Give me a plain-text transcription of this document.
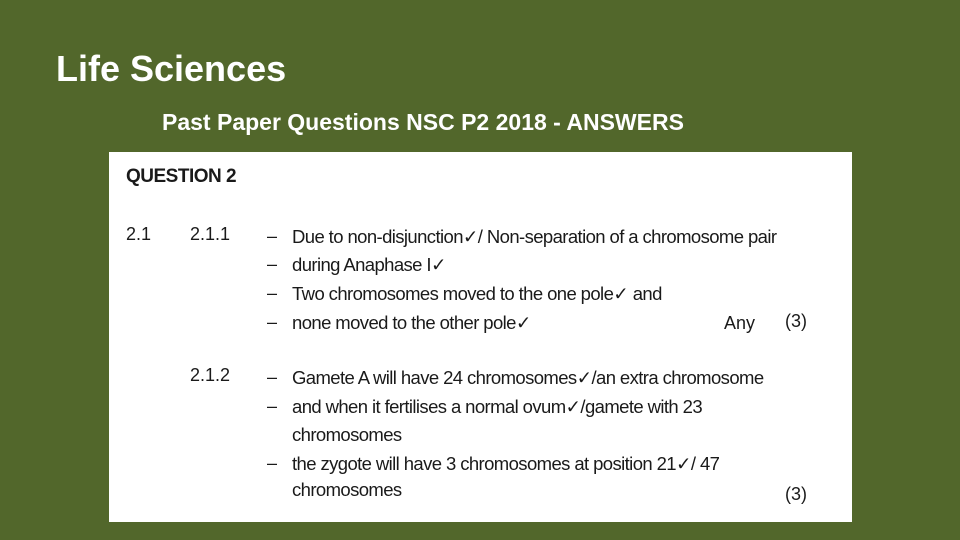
Life Sciences
Past Paper Questions NSC P2 2018 - ANSWERS
QUESTION 2
2.1 2.1.1 – Due to non-disjunction✓/ Non-separation of a chromosome pair
– during Anaphase I✓
– Two chromosomes moved to the one pole✓ and
– none moved to the other pole✓	Any (3)
2.1.2 – Gamete A will have 24 chromosomes✓/an extra chromosome
– and when it fertilises a normal ovum✓/gamete with 23
chromosomes
– the zygote will have 3 chromosomes at position 21✓/ 47
chromosomes	(3)
